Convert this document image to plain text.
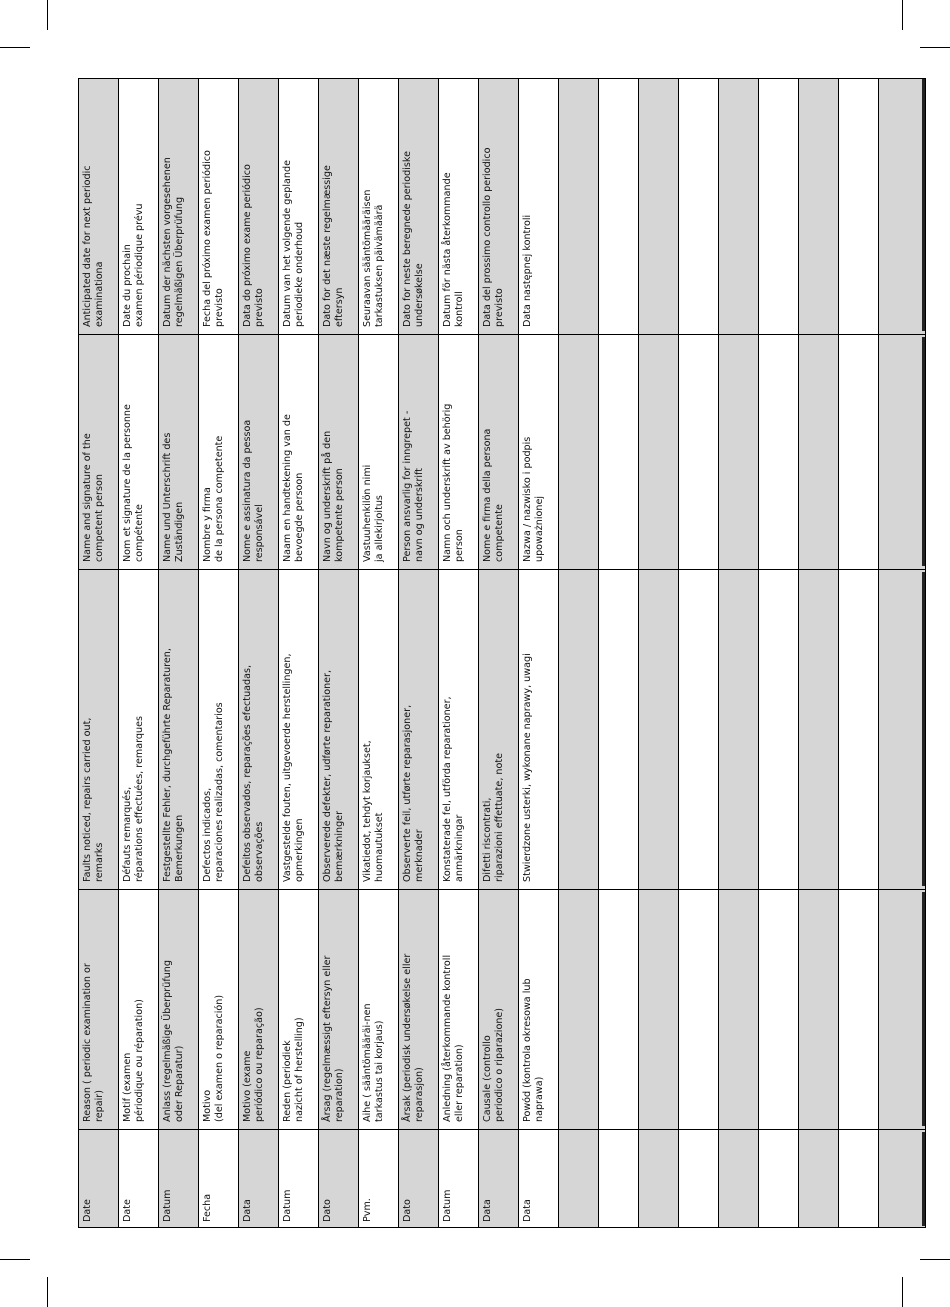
Anticipated date for next periodic
examinationa
Name and signature of the
competent person
Faults noticed, repairs carried out,
remarks
Reason ( periodic examination or
repair)
Date
Date du prochain
examen périodique prévu
Nom et signature de la personne
compétente
Défauts remarqués,
réparations effectuées, remarques
Motif (examen
périodique ou réparation)
Date
Datum der nächsten vorgesehenen
regelmäßigen Überprüfung
Name und Unterschrift des
Zuständigen
Festgestellte Fehler, durchgeführte Reparaturen,
Bemerkungen
Anlass (regelmäßige Überprüfung
oder Reparatur)
Datum
Fecha del próximo examen periódico
previsto
Nombre y firma
de la persona competente
Defectos indicados,
reparaciones realizadas, comentarios
Motivo
(del examen o reparación)
Fecha
Data do próximo exame periódico
previsto
Nome e assinatura da pessoa
responsável
Defeitos observados, reparações efectuadas,
observações
Motivo (exame
periódico ou reparação)
Data
Datum van het volgende geplande
periodieke onderhoud
Naam en handtekening van de
bevoegde persoon
Vastgestelde fouten, uitgevoerde herstellingen,
opmerkingen
Reden (periodiek
nazicht of herstelling)
Datum
Dato for det næste regelmæssige
eftersyn
Navn og underskrift på den
kompetente person
Observerede defekter, udførte reparationer,
bemærkninger
Årsag (regelmæssigt eftersyn eller
reparation)
Dato
Seuraavan sääntömääräisen
tarkastuksen päivämäärä
Vastuuhenkilön nimi
ja allekirjoitus
Vikatiedot, tehdyt korjaukset,
huomautukset
Aihe ( sääntömääräi-nen
tarkastus tai korjaus)
Pvm.
Dato for neste beregnede periodiske
undersøkelse
Person ansvarlig for inngrepet -
navn og underskrift
Observerte feil, utførte reparasjoner,
merknader
Årsak (periodisk undersøkelse eller
reparasjon)
Dato
Datum för nästa återkommande
kontroll
Namn och underskrift av behörig
person
Konstaterade fel, utförda reparationer,
anmärkningar
Anledning (återkommande kontroll
eller reparation)
Datum
Data del prossimo controllo periodico
previsto
Nome e firma della persona
competente
Difetti riscontrati,
riparazioni effettuate, note
Causale (controllo
periodico o riparazione)
Data
Data następnej kontroli
Nazwa / nazwisko i podpis
upoważnionej
Stwierdzone usterki, wykonane naprawy, uwagi
Powód (kontrola okresowa lub
naprawa)
Data
